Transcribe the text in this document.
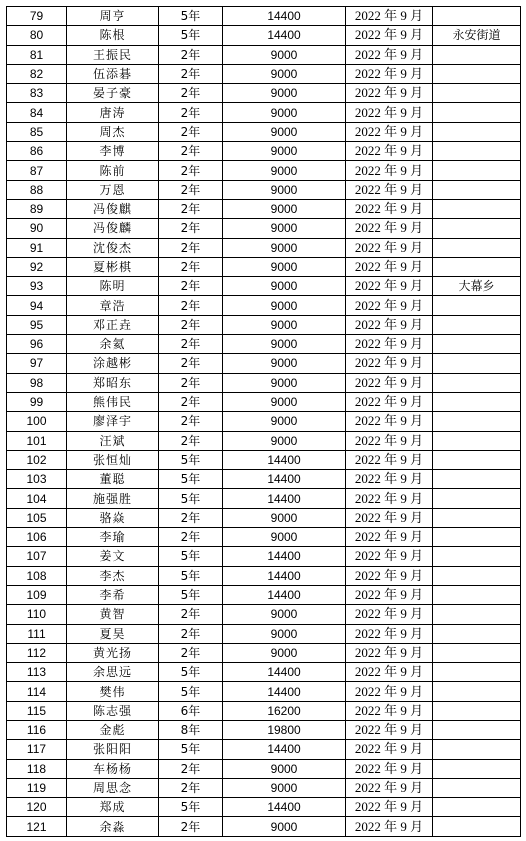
79	周亨	5年	14400	2022 年 9 月	
80	陈根	5年	14400	2022 年 9 月	永安街道
81	王振民	2年	9000	2022 年 9 月	
82	伍添碁	2年	9000	2022 年 9 月	
83	晏子豪	2年	9000	2022 年 9 月	
84	唐涛	2年	9000	2022 年 9 月	
85	周杰	2年	9000	2022 年 9 月	
86	李博	2年	9000	2022 年 9 月	
87	陈前	2年	9000	2022 年 9 月	
88	万恩	2年	9000	2022 年 9 月	
89	冯俊麒	2年	9000	2022 年 9 月	
90	冯俊麟	2年	9000	2022 年 9 月	
91	沈俊杰	2年	9000	2022 年 9 月	
92	夏彬棋	2年	9000	2022 年 9 月	
93	陈明	2年	9000	2022 年 9 月	大幕乡
94	章浩	2年	9000	2022 年 9 月	
95	邓正垚	2年	9000	2022 年 9 月	
96	余氦	2年	9000	2022 年 9 月	
97	涂越彬	2年	9000	2022 年 9 月	
98	郑昭东	2年	9000	2022 年 9 月	
99	熊伟民	2年	9000	2022 年 9 月	
100	廖泽宇	2年	9000	2022 年 9 月	
101	汪斌	2年	9000	2022 年 9 月	
102	张恒灿	5年	14400	2022 年 9 月	
103	董聪	5年	14400	2022 年 9 月	
104	施强胜	5年	14400	2022 年 9 月	
105	骆焱	2年	9000	2022 年 9 月	
106	李瑜	2年	9000	2022 年 9 月	
107	姜文	5年	14400	2022 年 9 月	
108	李杰	5年	14400	2022 年 9 月	
109	李希	5年	14400	2022 年 9 月	
110	黄智	2年	9000	2022 年 9 月	
111	夏昊	2年	9000	2022 年 9 月	
112	黄光扬	2年	9000	2022 年 9 月	
113	余思远	5年	14400	2022 年 9 月	
114	樊伟	5年	14400	2022 年 9 月	
115	陈志强	6年	16200	2022 年 9 月	
116	金彪	8年	19800	2022 年 9 月	
117	张阳阳	5年	14400	2022 年 9 月	
118	车杨杨	2年	9000	2022 年 9 月	
119	周思念	2年	9000	2022 年 9 月	
120	郑成	5年	14400	2022 年 9 月	
121	余淼	2年	9000	2022 年 9 月	
